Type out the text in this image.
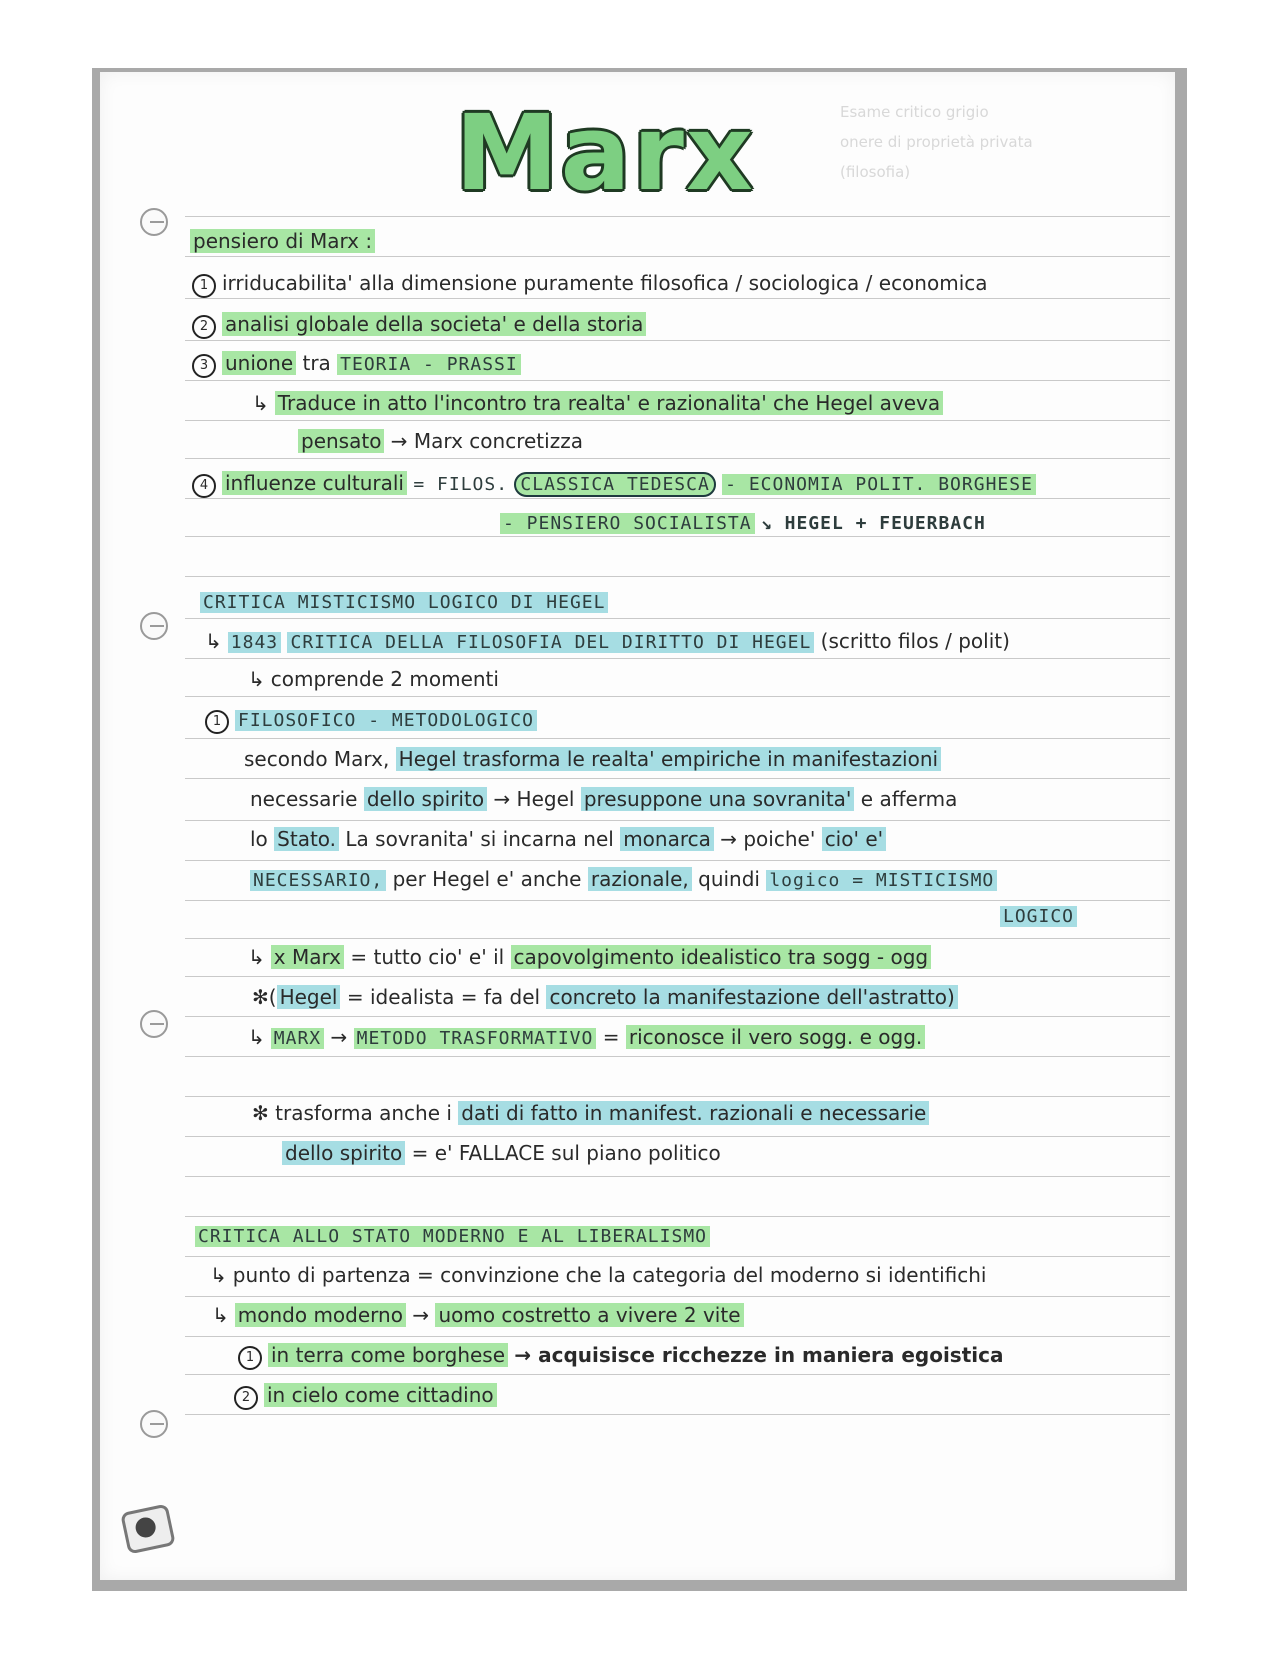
Esame critico grigio
onere di proprietà privata
(filosofia)
Marx
pensiero di Marx :
1 irriducabilita' alla dimensione puramente filosofica / sociologica / economica
2 analisi globale della societa' e della storia
3 unione tra TEORIA - PRASSI
↳ Traduce in atto l'incontro tra realta' e razionalita' che Hegel aveva
pensato → Marx concretizza
4 influenze culturali = FILOS. CLASSICA TEDESCA - ECONOMIA POLIT. BORGHESE
- PENSIERO SOCIALISTA ↘ HEGEL + FEUERBACH
CRITICA MISTICISMO LOGICO DI HEGEL
↳ 1843 CRITICA DELLA FILOSOFIA DEL DIRITTO DI HEGEL (scritto filos / polit)
↳ comprende 2 momenti
1 FILOSOFICO - METODOLOGICO
secondo Marx, Hegel trasforma le realta' empiriche in manifestazioni
necessarie dello spirito → Hegel presuppone una sovranita' e afferma
lo Stato. La sovranita' si incarna nel monarca → poiche' cio' e'
NECESSARIO, per Hegel e' anche razionale, quindi logico = MISTICISMO
LOGICO
↳ x Marx = tutto cio' e' il capovolgimento idealistico tra sogg - ogg
✻( Hegel = idealista = fa del concreto la manifestazione dell'astratto)
↳ MARX → METODO TRASFORMATIVO = riconosce il vero sogg. e ogg.
✻ trasforma anche i dati di fatto in manifest. razionali e necessarie
dello spirito = e' FALLACE sul piano politico
CRITICA ALLO STATO MODERNO E AL LIBERALISMO
↳ punto di partenza = convinzione che la categoria del moderno si identifichi
↳ mondo moderno → uomo costretto a vivere 2 vite
1 in terra come borghese → acquisisce ricchezze in maniera egoistica
2 in cielo come cittadino
